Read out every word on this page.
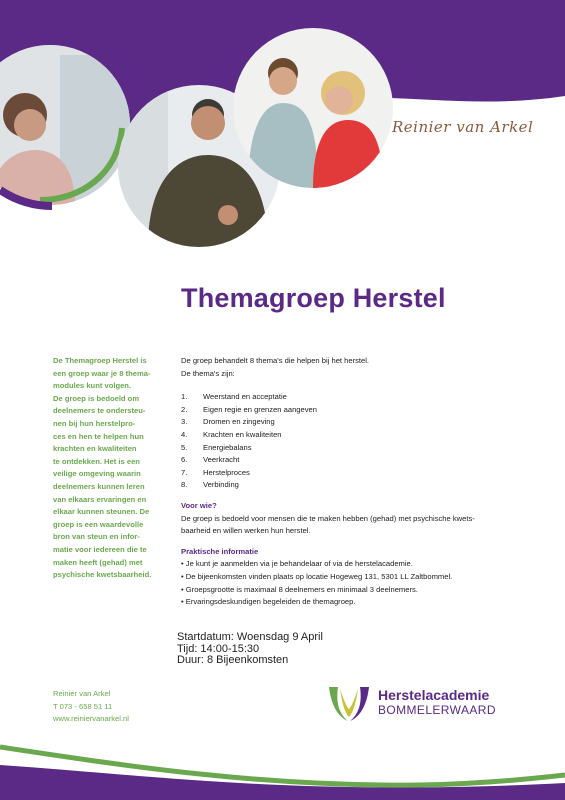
Reinier van Arkel
Themagroep Herstel
De Themagroep Herstel is
een groep waar je 8 thema-
modules kunt volgen.
De groep is bedoeld om
deelnemers te ondersteu-
nen bij hun herstelpro-
ces en hen te helpen hun
krachten en kwaliteiten
te ontdekken. Het is een
veilige omgeving waarin
deelnemers kunnen leren
van elkaars ervaringen en
elkaar kunnen steunen. De
groep is een waardevolle
bron van steun en infor-
matie voor iedereen die te
maken heeft (gehad) met
psychische kwetsbaarheid.

De groep behandelt 8 thema's die helpen bij het herstel.

De thema's zijn:

1.	Weerstand en acceptatie
2.	Eigen regie en grenzen aangeven
3.	Dromen en zingeving
4.	Krachten en kwaliteiten
5.	Energiebalans
6.	Veerkracht
7.	Herstelproces
8.	Verbinding

Voor wie?

De groep is bedoeld voor mensen die te maken hebben (gehad) met psychische kwets-

baarheid en willen werken hun herstel.

Praktische informatie

• Je kunt je aanmelden via je behandelaar of via de herstelacademie.
• De bijeenkomsten vinden plaats op locatie Hogeweg 131, 5301 LL Zaltbommel.
• Groepsgrootte is maximaal 8 deelnemers en minimaal 3 deelnemers.
• Ervaringsdeskundigen begeleiden de themagroep.
Startdatum: Woensdag 9 April
Tijd: 14:00-15:30
Duur: 8 Bijeenkomsten
Reinier van Arkel
T 073 - 658 51 11
www.reiniervanarkel.nl
Herstelacademie
BOMMELERWAARD
